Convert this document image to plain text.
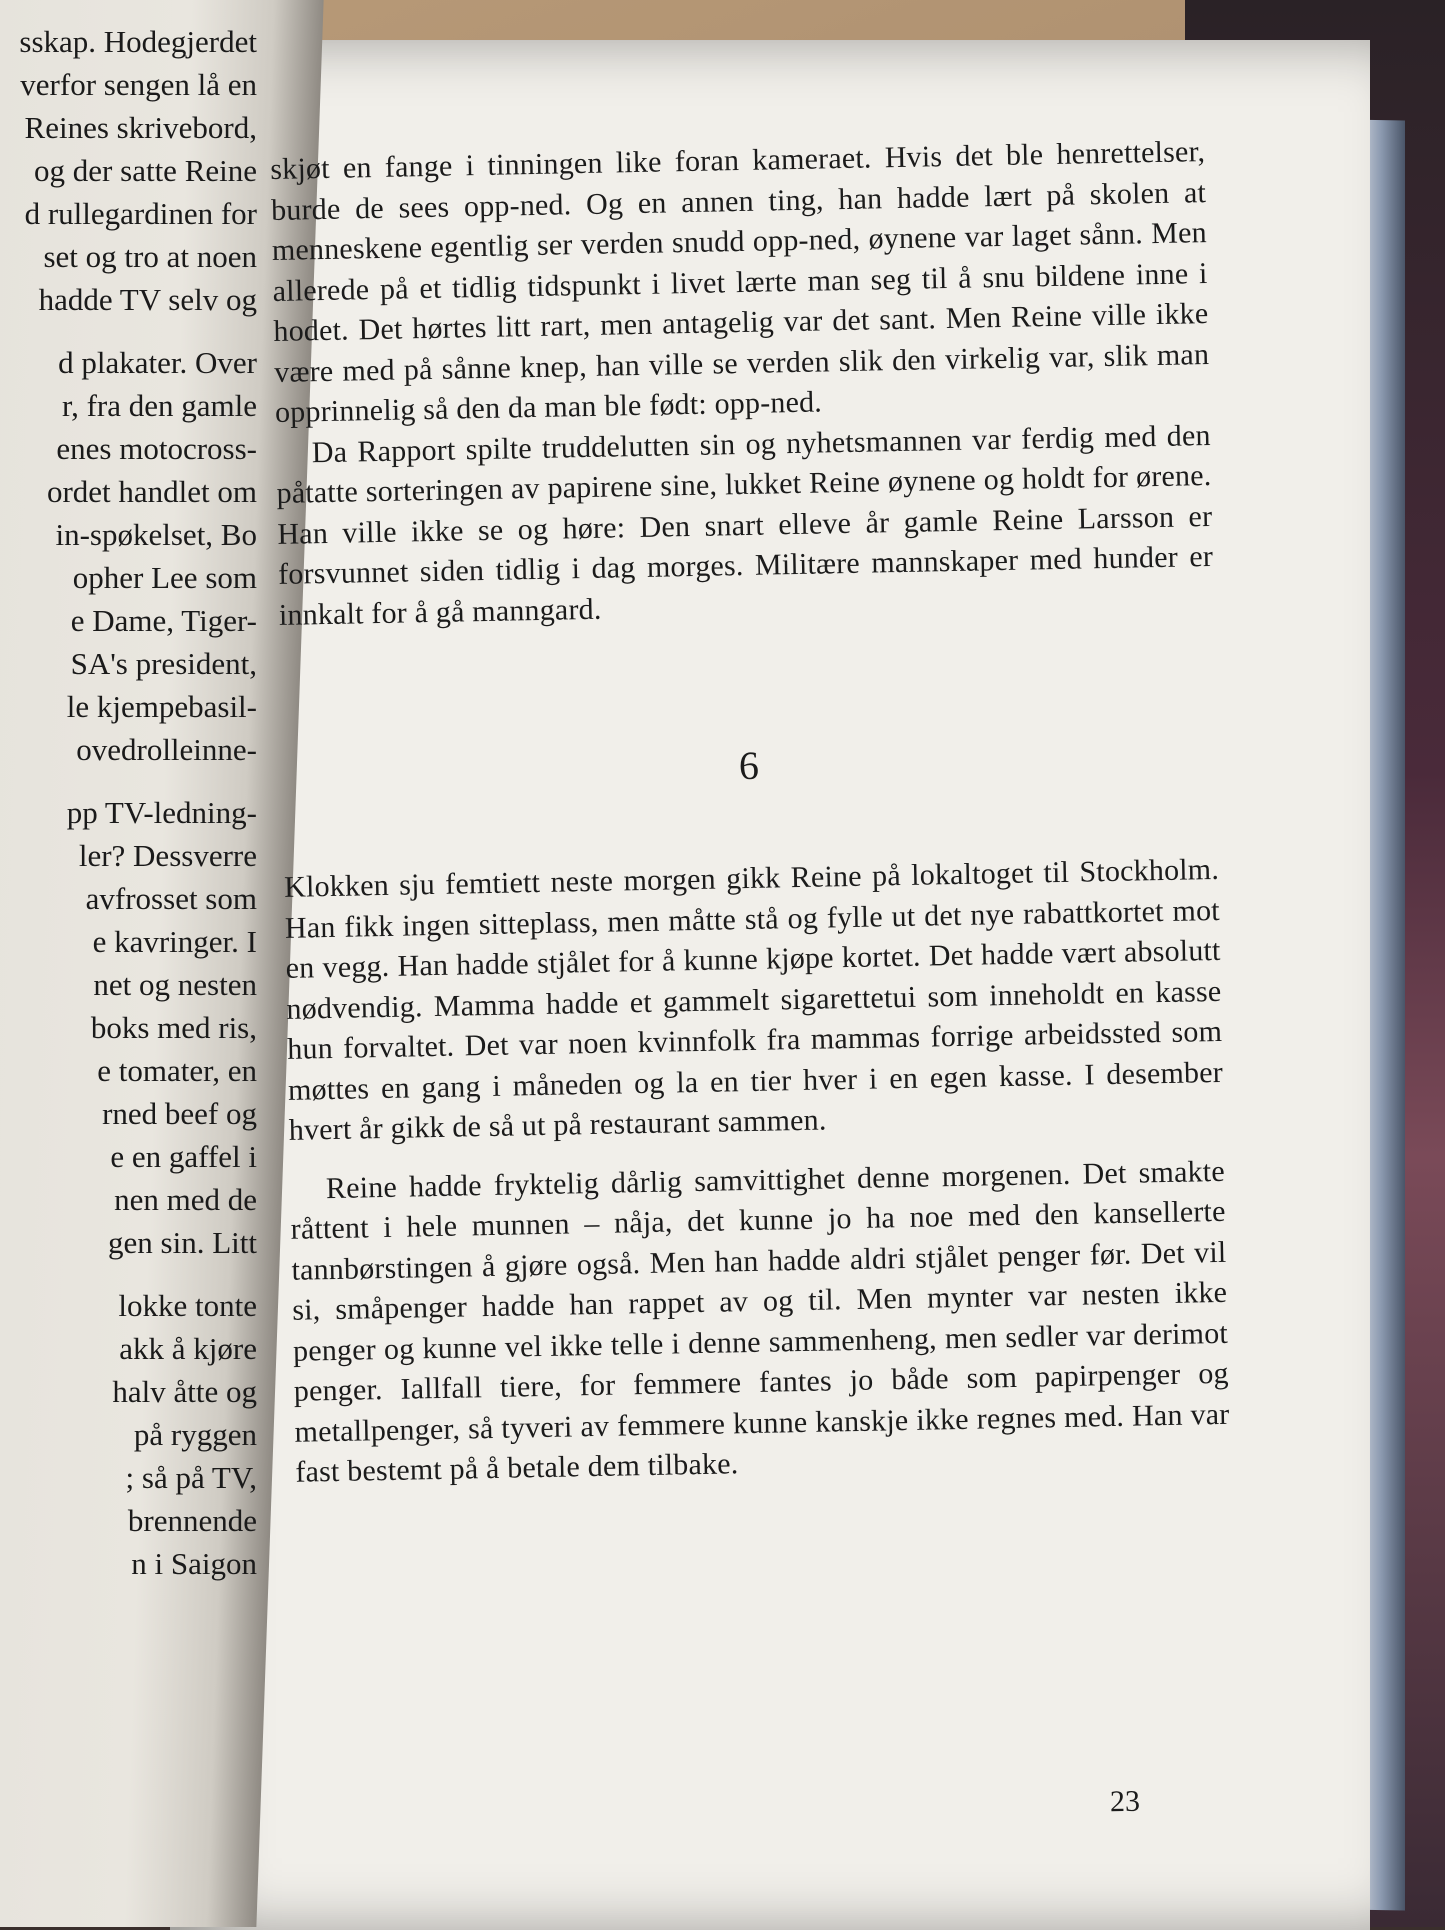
sskap. Hodegjerdet
verfor sengen lå en
Reines skrivebord,
og der satte Reine
d rullegardinen for
set og tro at noen
hadde TV selv og
d plakater. Over
r, fra den gamle
enes motocross-
ordet handlet om
in-spøkelset, Bo
opher Lee som
e Dame, Tiger-
SA's president,
le kjempebasil-
ovedrolleinne-
pp TV-ledning-
ler? Dessverre
avfrosset som
e kavringer. I
net og nesten
boks med ris,
e tomater, en
rned beef og
e en gaffel i
nen med de
gen sin. Litt
lokke tonte
akk å kjøre
halv åtte og
på ryggen
; så på TV,
brennende
n i Saigon

skjøt en fange i tinningen like foran kameraet. Hvis det ble henrettelser, burde de sees opp-ned. Og en annen ting, han hadde lært på skolen at menneskene egentlig ser verden snudd opp-ned, øynene var laget sånn. Men allerede på et tidlig tidspunkt i livet lærte man seg til å snu bildene inne i hodet. Det hørtes litt rart, men antagelig var det sant. Men Reine ville ikke være med på sånne knep, han ville se verden slik den virkelig var, slik man opprinnelig så den da man ble født: opp-ned.

Da Rapport spilte truddelutten sin og nyhetsmannen var ferdig med den påtatte sorteringen av papirene sine, lukket Reine øynene og holdt for ørene. Han ville ikke se og høre: Den snart elleve år gamle Reine Larsson er forsvunnet siden tidlig i dag morges. Militære mannskaper med hunder er innkalt for å gå manngard.

6

Klokken sju femtiett neste morgen gikk Reine på lokaltoget til Stockholm. Han fikk ingen sitteplass, men måtte stå og fylle ut det nye rabattkortet mot en vegg. Han hadde stjålet for å kunne kjøpe kortet. Det hadde vært absolutt nødvendig. Mamma hadde et gammelt sigarettetui som inneholdt en kasse hun forvaltet. Det var noen kvinnfolk fra mammas forrige arbeidssted som møttes en gang i måneden og la en tier hver i en egen kasse. I desember hvert år gikk de så ut på restaurant sammen.

Reine hadde fryktelig dårlig samvittighet denne morgenen. Det smakte råttent i hele munnen – nåja, det kunne jo ha noe med den kansellerte tannbørstingen å gjøre også. Men han hadde aldri stjålet penger før. Det vil si, småpenger hadde han rappet av og til. Men mynter var nesten ikke penger og kunne vel ikke telle i denne sammenheng, men sedler var derimot penger. Iallfall tiere, for femmere fantes jo både som papirpenger og metallpenger, så tyveri av femmere kunne kanskje ikke regnes med. Han var fast bestemt på å betale dem tilbake.

23
